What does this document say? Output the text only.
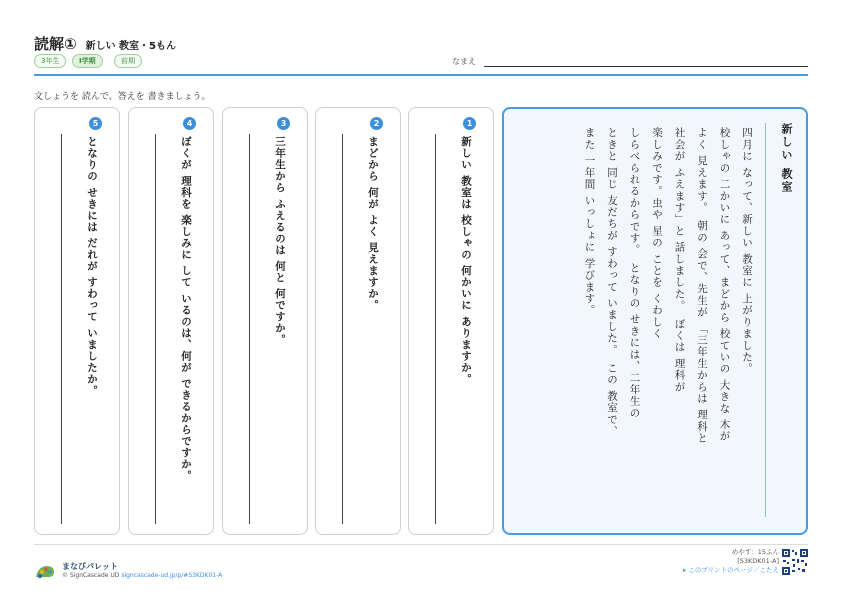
読解① 新しい 教室・5もん
3年生	I学期	前期	なまえ
文しょうを 読んで、答えを 書きましょう。
1
新しい 教室は 校しゃの 何かいに ありますか。
2
まどから 何が よく 見えますか。
3
三年生から ふえるのは 何と 何ですか。
4
ぼくが 理科を 楽しみに して いるのは、何が できるからですか。
5
となりの せきには だれが すわって いましたか。	新しい 教室
四月に なって、新しい 教室に 上がりました。
校しゃの 二かいに あって、まどから 校ていの 大きな 木が
よく 見えます。　朝の 会で、先生が 「三年生からは 理科と
社会が ふえます」と 話しました。　ぼくは 理科が
楽しみです。虫や 星の ことを くわしく
しらべられるからです。　となりの せきには、二年生の
ときと 同じ 友だちが すわって いました。　この 教室で、
また 一年間 いっしょに 学びます。
まなびパレット
© SignCascade UD signcascade-ud.jp/p/#S3KDK01-A
めやす：15ふん
[S3KDK01-A]
▸ このプリントのページ／こたえ
